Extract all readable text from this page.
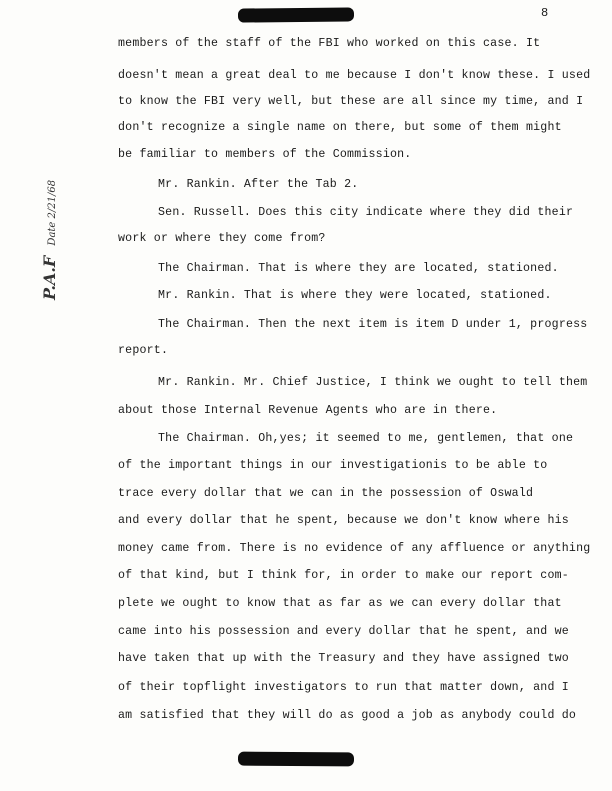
8
P.A.F Date 2/21/68
members of the staff of the FBI who worked on this case. It
doesn't mean a great deal to me because I don't know these. I used
to know the FBI very well, but these are all since my time, and I
don't recognize a single name on there, but some of them might
be familiar to members of the Commission.
Mr. Rankin. After the Tab 2.
Sen. Russell. Does this city indicate where they did their
work or where they come from?
The Chairman. That is where they are located, stationed.
Mr. Rankin. That is where they were located, stationed.
The Chairman. Then the next item is item D under 1, progress
report.
Mr. Rankin. Mr. Chief Justice, I think we ought to tell them
about those Internal Revenue Agents who are in there.
The Chairman. Oh,yes; it seemed to me, gentlemen, that one
of the important things in our investigationis to be able to
trace every dollar that we can in the possession of Oswald
and every dollar that he spent, because we don't know where his
money came from. There is no evidence of any affluence or anything
of that kind, but I think for, in order to make our report com-
plete we ought to know that as far as we can every dollar that
came into his possession and every dollar that he spent, and we
have taken that up with the Treasury and they have assigned two
of their topflight investigators to run that matter down, and I
am satisfied that they will do as good a job as anybody could do
